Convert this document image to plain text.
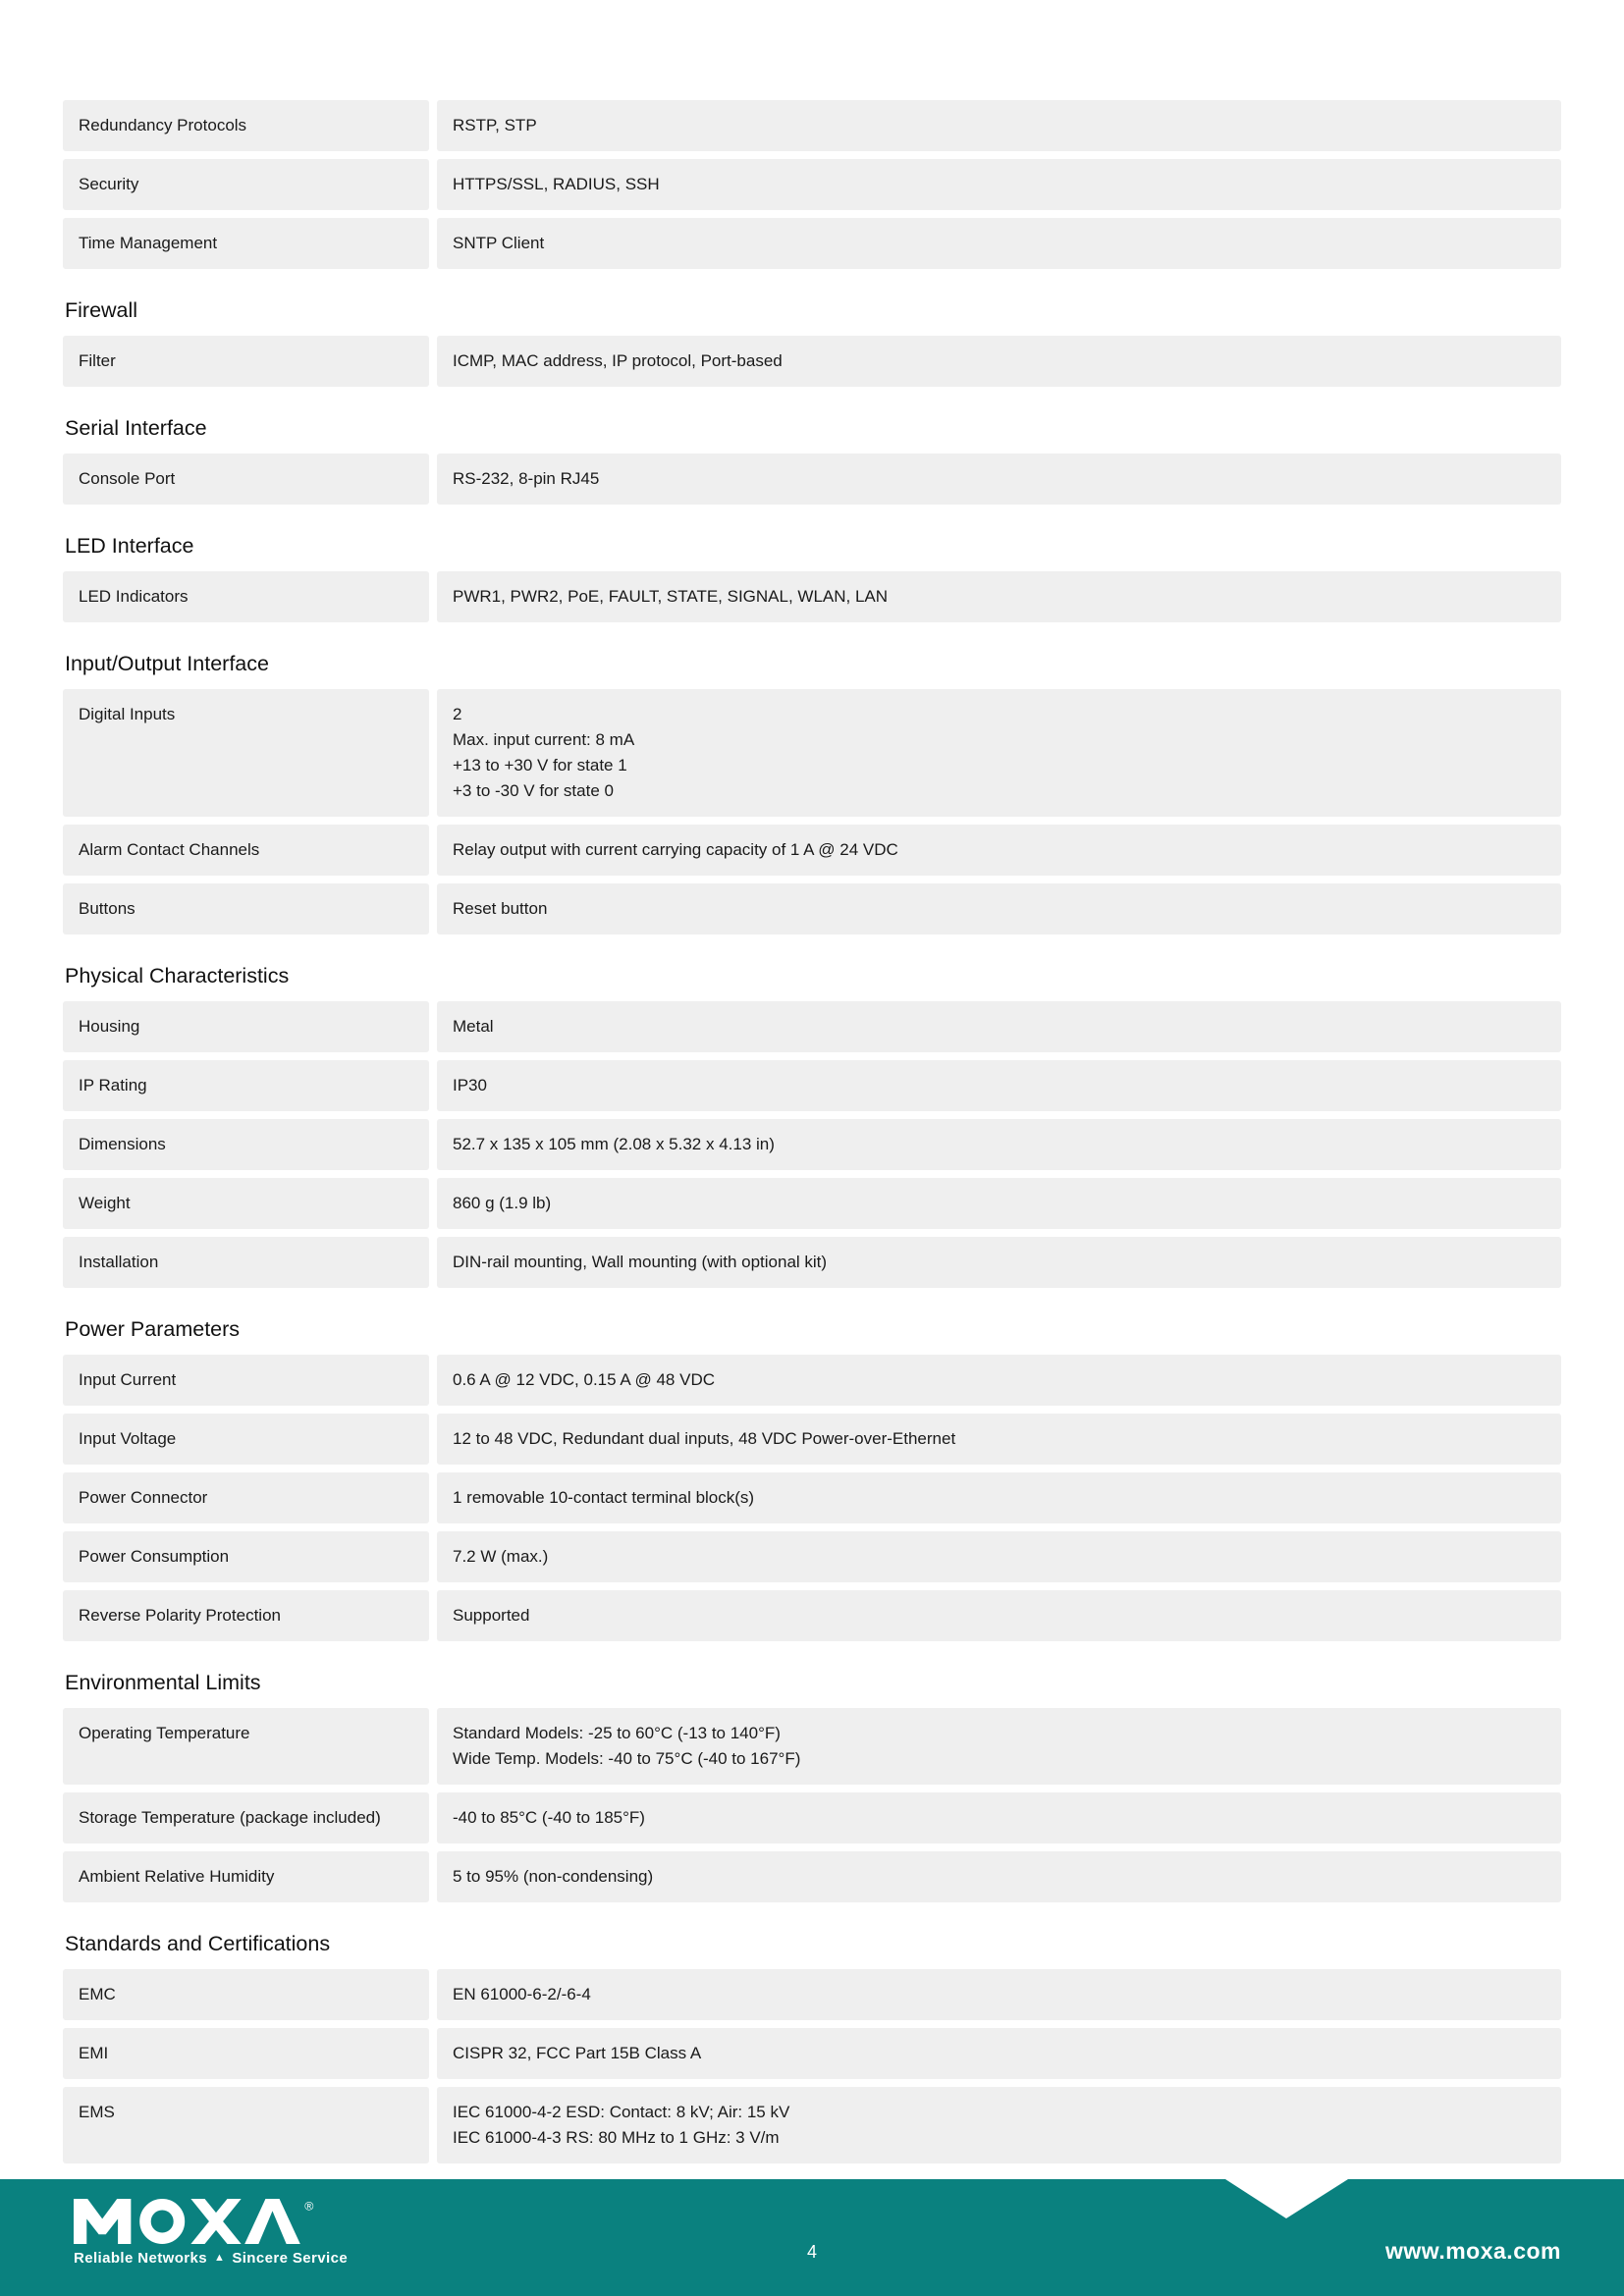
Redundancy Protocols	RSTP, STP
Security	HTTPS/SSL, RADIUS, SSH
Time Management	SNTP Client
Firewall
Filter	ICMP, MAC address, IP protocol, Port-based
Serial Interface
Console Port	RS-232, 8-pin RJ45
LED Interface
LED Indicators	PWR1, PWR2, PoE, FAULT, STATE, SIGNAL, WLAN, LAN
Input/Output Interface
Digital Inputs	2
Max. input current: 8 mA
+13 to +30 V for state 1
+3 to -30 V for state 0
Alarm Contact Channels	Relay output with current carrying capacity of 1 A @ 24 VDC
Buttons	Reset button
Physical Characteristics
Housing	Metal
IP Rating	IP30
Dimensions	52.7 x 135 x 105 mm (2.08 x 5.32 x 4.13 in)
Weight	860 g (1.9 lb)
Installation	DIN-rail mounting, Wall mounting (with optional kit)
Power Parameters
Input Current	0.6 A @ 12 VDC, 0.15 A @ 48 VDC
Input Voltage	12 to 48 VDC, Redundant dual inputs, 48 VDC Power-over-Ethernet
Power Connector	1 removable 10-contact terminal block(s)
Power Consumption	7.2 W (max.)
Reverse Polarity Protection	Supported
Environmental Limits
Operating Temperature	Standard Models: -25 to 60°C (-13 to 140°F)
Wide Temp. Models: -40 to 75°C (-40 to 167°F)
Storage Temperature (package included)	-40 to 85°C (-40 to 185°F)
Ambient Relative Humidity	5 to 95% (non-condensing)
Standards and Certifications
EMC	EN 61000-6-2/-6-4
EMI	CISPR 32, FCC Part 15B Class A
EMS	IEC 61000-4-2 ESD: Contact: 8 kV; Air: 15 kV
IEC 61000-4-3 RS: 80 MHz to 1 GHz: 3 V/m
®
Reliable Networks ▲ Sincere Service	4	www.moxa.com
